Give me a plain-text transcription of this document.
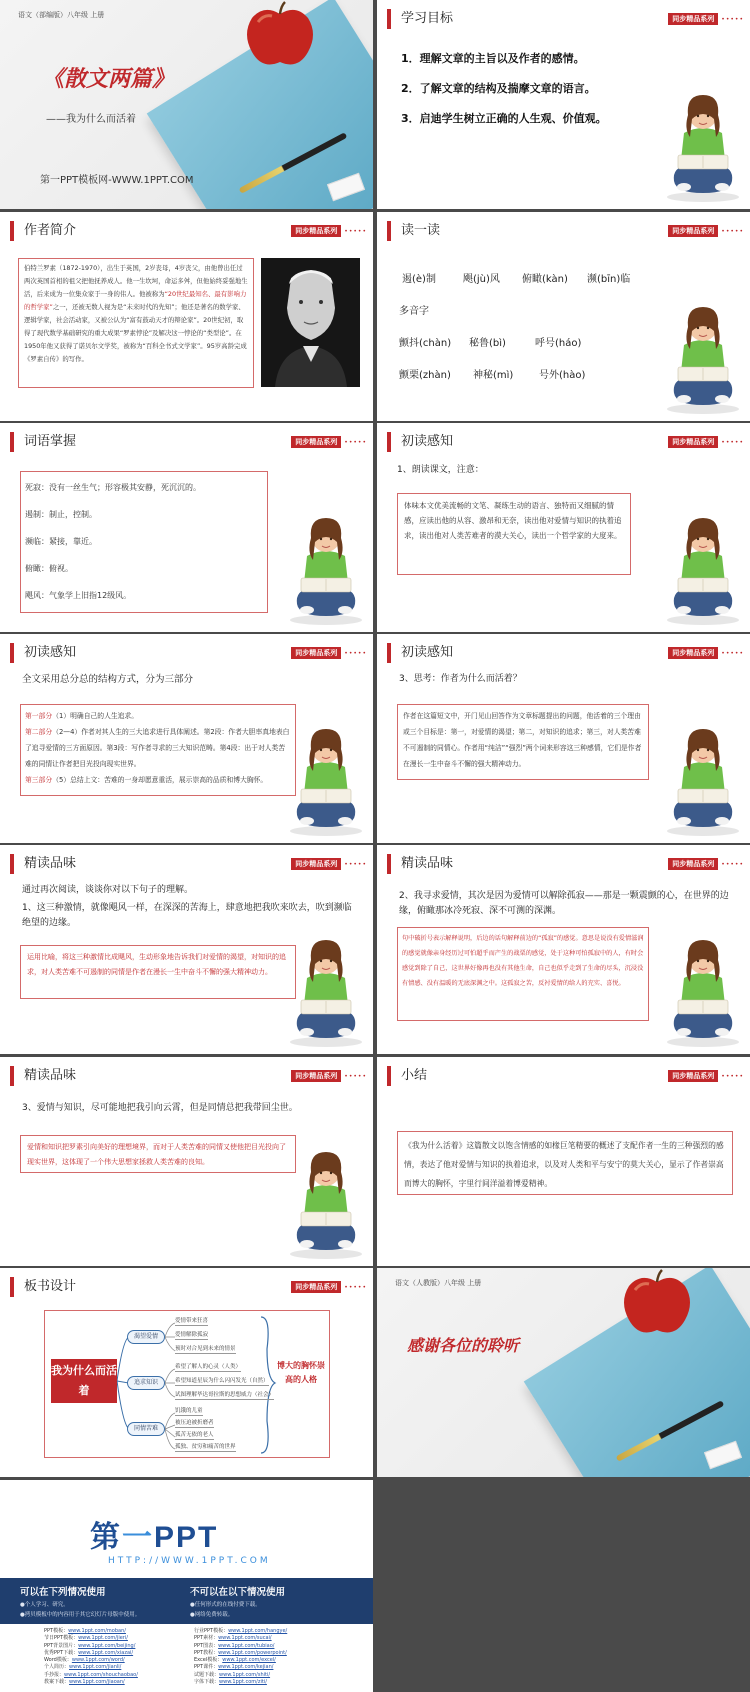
语文（部编版）八年级 上册
《散文两篇》
——我为什么而活着
第一PPT模板网-WWW.1PPT.COM
学习目标	同步精品系列	•••••
1．理解文章的主旨以及作者的感情。
2．了解文章的结构及揣摩文章的语言。
3．启迪学生树立正确的人生观、价值观。
作者简介	同步精品系列	•••••
伯特兰罗素（1872-1970），出生于英国，2岁丧母，4岁丧父，由他曾出任过两次英国首相的祖父把他抚养成人。他一生坎坷，命运多舛，但他始终妥强地生活，后来成为一位集众家于一身的伟人。他被称为“20世纪最知名、最有影响力的哲学家”之一，还被无数人视为是“未来时代的先知”；他还是著名的数学家、逻辑学家，社会活动家，又被公认为“富有鼓动天才的辩论家”。20世纪初，取得了现代数学基础研究的重大成果“罗素悖论”及解决这一悖论的“类型论”。在1950年他又获得了诺贝尔文学奖，被称为“百科全书式文学家”。95岁高龄完成《罗素自传》的写作。
读一读	同步精品系列	•••••
遏(è)制	飓(jù)风 俯瞰(kàn) 濒(bīn)临
多音字
颤抖(chàn) 秘鲁(bì)	呼号(háo)
颤栗(zhàn) 神秘(mì)	号外(hào)
词语掌握	同步精品系列	•••••
死寂：没有一丝生气；形容极其安静，死沉沉的。
遏制：制止，控制。
濒临：紧接，靠近。
俯瞰：俯视。
飓风：气象学上旧指12级风。
初读感知	同步精品系列	•••••
1、朗读课文，注意：
体味本文优美流畅的文笔、凝练生动的语言、独特而又细腻的情感，应读出他的从容、激昂和无奈，读出他对爱情与知识的执着追求，读出他对人类苦难者的漠大关心，读出一个哲学家的大度来。
初读感知	同步精品系列	•••••
全文采用总分总的结构方式，分为三部分
第一部分（1）明确自己的人生追求。
第二部分（2—4）作者对其人生的三大追求进行具体阐述。第2段：作者大胆率真地表白了追寻爱情的三方面原因。第3段：写作者寻求的三大知识范畴。第4段：出于对人类苦难的同情让作者把目光投向现实世界。
第三部分（5）总结上文：苦难的一身却愿意重活，展示崇高的品质和博大胸怀。
初读感知	同步精品系列	•••••
3、思考：作者为什么而活着？
作者在这篇短文中，开门见山回答作为文章标题提出的问题，他活着的三个理由或三个目标是：第一，对爱情的渴望；第二，对知识的追求；第三，对人类苦难不可遏制的同情心。作者用“纯洁”“强烈”两个词来形容这三种感情，它们是作者在漫长一生中奋斗不懈的强大精神动力。
精读品味	同步精品系列	•••••
通过再次阅读，谈谈你对以下句子的理解。
1、这三种激情，就像飓风一样，在深深的苦海上，肆意地把我吹来吹去，吹到濒临绝望的边缘。
运用比喻，将这三种激情比成飓风，生动形象地告诉我们对爱情的渴望，对知识的追求，对人类苦难不可遏制的同情是作者在漫长一生中奋斗不懈的强大精神动力。
精读品味	同步精品系列	•••••
2、我寻求爱情，其次是因为爱情可以解除孤寂——那是一颗震颤的心，在世界的边缘，俯瞰那冰冷死寂、深不可测的深渊。
句中破折号表示解释说明，后边的话句解释前边的“孤寂”的感觉。意思是说没有爱情滋润的感觉就像亲身经历过可怕超乎而产生的战栗的感觉，处于这种可怕孤寂中的人，有时会感觉到除了自己，这世界好像再也没有其他生命，自己也似乎走到了生命的尽头，沉浸没有情感、没有温暖的无底深渊之中。这孤寂之苦，反衬爱情的给人的充实、喜悦。
精读品味	同步精品系列	•••••
3、爱情与知识，尽可能地把我引向云霄，但是同情总把我带回尘世。
爱情和知识把罗素引向美好的理想境界，而对于人类苦难的同情又使他把目光投向了现实世界，这体现了一个伟大思想家拯救人类苦难的良知。
小结	同步精品系列	•••••
《我为什么活着》这篇散文以饱含情感的如椽巨笔精要的概述了支配作者一生的三种强烈的感情，表达了他对爱情与知识的执着追求，以及对人类和平与安宁的莫大关心，显示了作者崇高而博大的胸怀，字里行间洋溢着博爱精神。
板书设计	同步精品系列	•••••
我为什么而活着
渴望爱情
追求知识
同情苦难
爱情带来狂喜
爱情解除孤寂
预时对合见到未来的情景
希望了解人的心灵（人类）
希望知道星辰为什么闪闪发光（自然）
试图理解毕达哥拉斯的思想威力（社会）
饥饿的儿童
被压迫被折磨者
孤苦无依的老人
孤独、贫穷和痛苦的世界
博大的胸怀崇高的人格
语文（人教版）八年级 上册
感谢各位的聆听
第一PPT
HTTP://WWW.1PPT.COM
可以在下列情况使用
●个人学习、研究。
●拷贝模板中的内容用于其它幻灯片母版中使用。
不可以在以下情况使用
●任何形式的在线付费下载。
●网络免费转载。
PPT模板：www.1ppt.com/moban/
节日PPT模板：www.1ppt.com/jieri/
PPT背景图片：www.1ppt.com/beijing/
优秀PPT下载：www.1ppt.com/xiazai/
Word模板：www.1ppt.com/word/
个人简历：www.1ppt.com/jianli/
手抄报：www.1ppt.com/shouchaobao/
教案下载：www.1ppt.com/jiaoan/
行业PPT模板：www.1ppt.com/hangye/
PPT素材：www.1ppt.com/sucai/
PPT图表：www.1ppt.com/tubiao/
PPT教程：www.1ppt.com/powerpoint/
Excel模板：www.1ppt.com/excel/
PPT课件：www.1ppt.com/kejian/
试题下载：www.1ppt.com/shiti/
字体下载：www.1ppt.com/ziti/
